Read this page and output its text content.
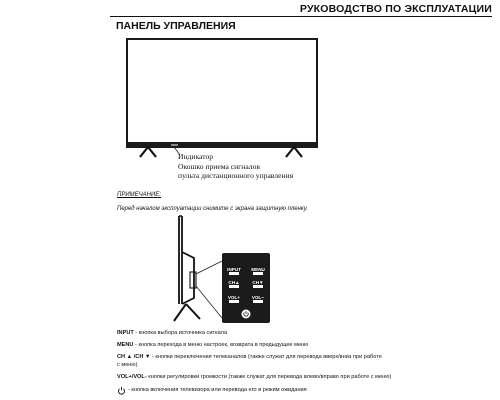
РУКОВОДСТВО ПО ЭКСПЛУАТАЦИИ
ПАНЕЛЬ УПРАВЛЕНИЯ
Индикатор
Окошко приема сигналов
пульта дистанционного управления
ПРИМЕЧАНИЕ:
Перед началом эксплуатации снимите с экрана защитную пленку.
INPUT MENU
CH▲	CH▼
VOL+	VOL−
INPUT - кнопка выбора источника сигнала
MENU - кнопка перехода в меню настроек, возврата в предыдущее меню
CH ▲ /CH ▼ - кнопки переключения телеканалов (также служат для перевода вверх/вниз при работе
с меню)
VOL+/VOL- кнопки регулировки громкости (также служат для перевода влево/вправо при работе с меню)
- кнопка включения телевизора или перевода его в режим ожидания
